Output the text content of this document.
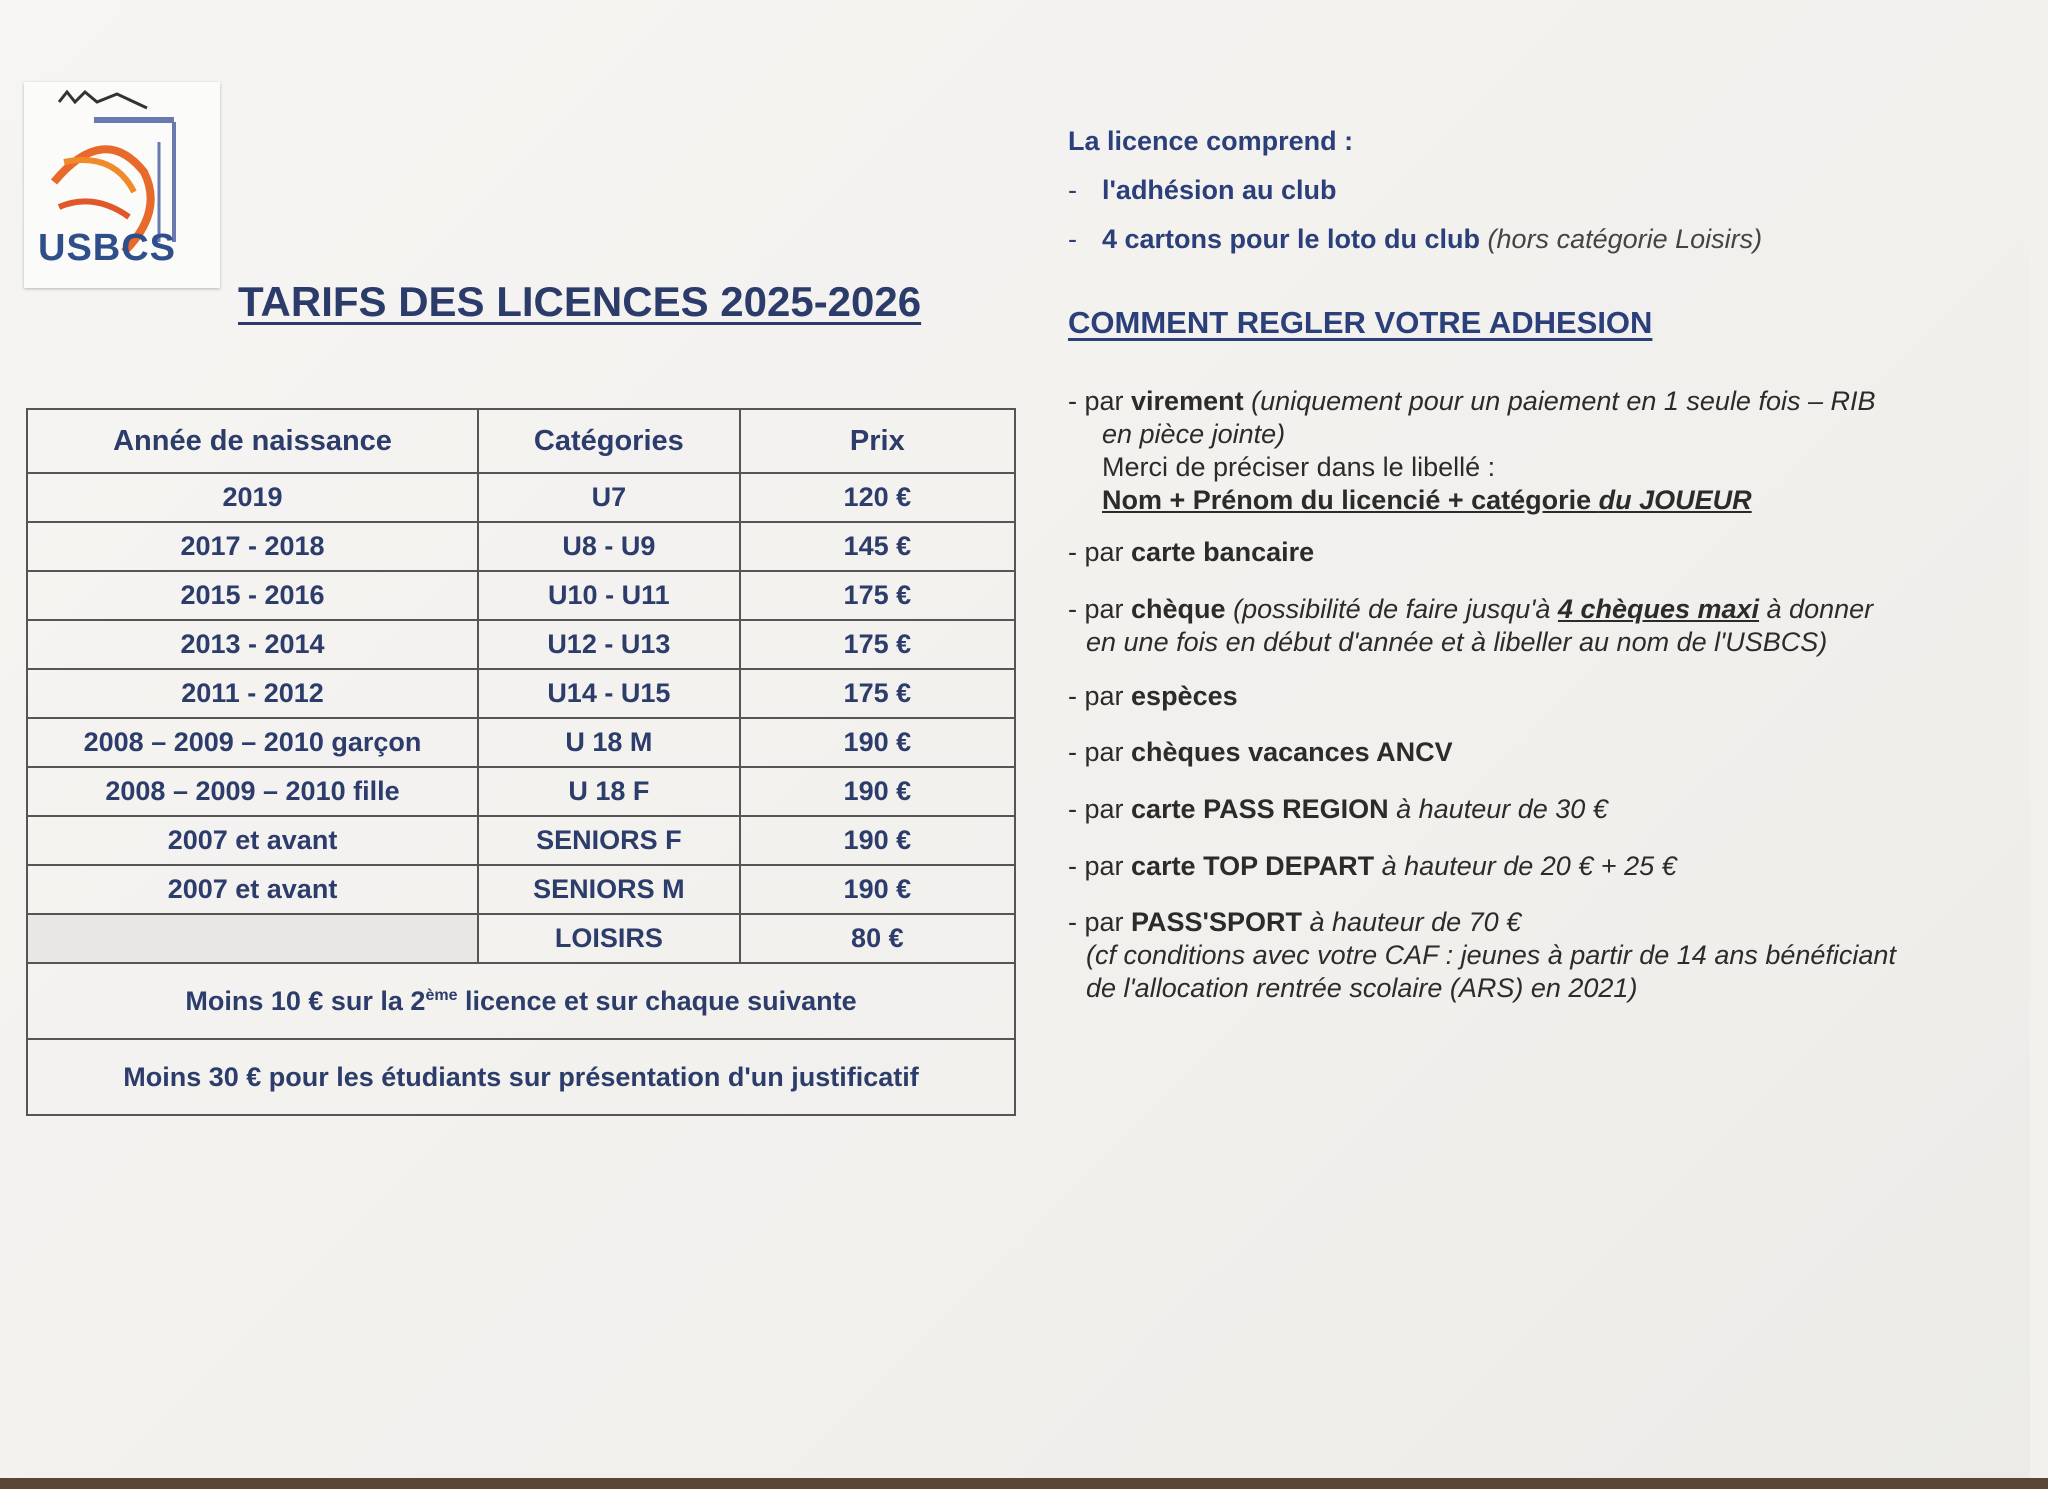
USBCS
TARIFS DES LICENCES 2025-2026
Année de naissance	Catégories	Prix
2019	U7	120 €
2017 - 2018	U8 - U9	145 €
2015 - 2016	U10 - U11	175 €
2013 - 2014	U12 - U13	175 €
2011 - 2012	U14 - U15	175 €
2008 – 2009 – 2010 garçon	U 18 M	190 €
2008 – 2009 – 2010 fille	U 18 F	190 €
2007 et avant	SENIORS F	190 €
2007 et avant	SENIORS M	190 €
	LOISIRS	80 €
Moins 10 € sur la 2ème licence et sur chaque suivante		
Moins 30 € pour les étudiants sur présentation d'un justificatif		
La licence comprend :
- l'adhésion au club
- 4 cartons pour le loto du club (hors catégorie Loisirs)
COMMENT REGLER VOTRE ADHESION
- par virement (uniquement pour un paiement en 1 seule fois – RIB
en pièce jointe)
Merci de préciser dans le libellé :
Nom + Prénom du licencié + catégorie du JOUEUR
- par carte bancaire
- par chèque (possibilité de faire jusqu'à 4 chèques maxi à donner
en une fois en début d'année et à libeller au nom de l'USBCS)
- par espèces
- par chèques vacances ANCV
- par carte PASS REGION à hauteur de 30 €
- par carte TOP DEPART à hauteur de 20 € + 25 €
- par PASS'SPORT à hauteur de 70 €
(cf conditions avec votre CAF : jeunes à partir de 14 ans bénéficiant
de l'allocation rentrée scolaire (ARS) en 2021)
